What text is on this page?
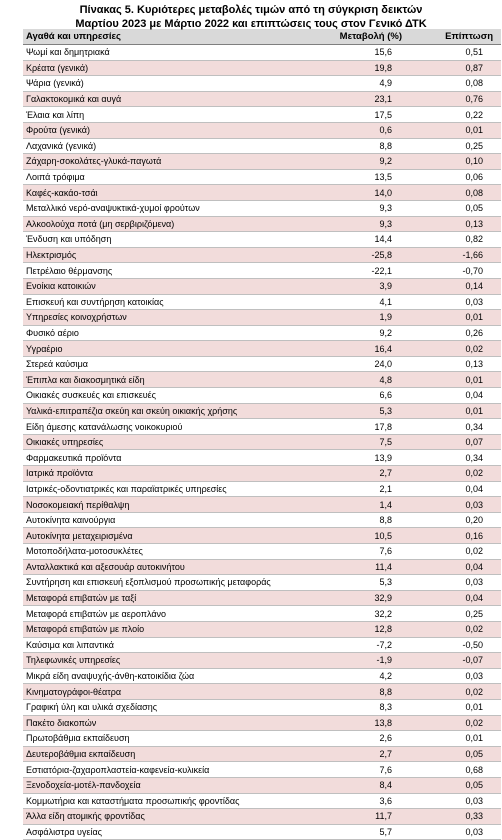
Πίνακας 5. Κυριότερες μεταβολές τιμών από τη σύγκριση δεικτών
Μαρτίου 2023 με Μάρτιο 2022 και επιπτώσεις τους στον Γενικό ΔΤΚ
Αγαθά και υπηρεσίες	Μεταβολή (%)	Επίπτωση
Ψωμί και δημητριακά	15,6	0,51
Κρέατα (γενικά)	19,8	0,87
Ψάρια (γενικά)	4,9	0,08
Γαλακτοκομικά και αυγά	23,1	0,76
Έλαια και λίπη	17,5	0,22
Φρούτα (γενικά)	0,6	0,01
Λαχανικά (γενικά)	8,8	0,25
Ζάχαρη-σοκολάτες-γλυκά-παγωτά	9,2	0,10
Λοιπά τρόφιμα	13,5	0,06
Καφές-κακάο-τσάι	14,0	0,08
Μεταλλικό νερό-αναψυκτικά-χυμοί φρούτων	9,3	0,05
Αλκοολούχα ποτά (μη σερβιριζόμενα)	9,3	0,13
Ένδυση και υπόδηση	14,4	0,82
Ηλεκτρισμός	-25,8	-1,66
Πετρέλαιο θέρμανσης	-22,1	-0,70
Ενοίκια κατοικιών	3,9	0,14
Επισκευή και συντήρηση κατοικίας	4,1	0,03
Υπηρεσίες κοινοχρήστων	1,9	0,01
Φυσικό αέριο	9,2	0,26
Υγραέριο	16,4	0,02
Στερεά καύσιμα	24,0	0,13
Έπιπλα και διακοσμητικά είδη	4,8	0,01
Οικιακές συσκευές και επισκευές	6,6	0,04
Υαλικά-επιτραπέζια σκεύη και σκεύη οικιακής χρήσης	5,3	0,01
Είδη άμεσης κατανάλωσης νοικοκυριού	17,8	0,34
Οικιακές υπηρεσίες	7,5	0,07
Φαρμακευτικά προϊόντα	13,9	0,34
Ιατρικά προϊόντα	2,7	0,02
Ιατρικές-οδοντιατρικές και παραϊατρικές υπηρεσίες	2,1	0,04
Νοσοκομειακή περίθαλψη	1,4	0,03
Αυτοκίνητα καινούργια	8,8	0,20
Αυτοκίνητα μεταχειρισμένα	10,5	0,16
Μοτοποδήλατα-μοτοσυκλέτες	7,6	0,02
Ανταλλακτικά και αξεσουάρ αυτοκινήτου	11,4	0,04
Συντήρηση και επισκευή εξοπλισμού προσωπικής μεταφοράς	5,3	0,03
Μεταφορά επιβατών με ταξί	32,9	0,04
Μεταφορά επιβατών με αεροπλάνο	32,2	0,25
Μεταφορά επιβατών με πλοίο	12,8	0,02
Καύσιμα και λιπαντικά	-7,2	-0,50
Τηλεφωνικές υπηρεσίες	-1,9	-0,07
Μικρά είδη αναψυχής-άνθη-κατοικίδια ζώα	4,2	0,03
Κινηματογράφοι-θέατρα	8,8	0,02
Γραφική ύλη και υλικά σχεδίασης	8,3	0,01
Πακέτο διακοπών	13,8	0,02
Πρωτοβάθμια εκπαίδευση	2,6	0,01
Δευτεροβάθμια εκπαίδευση	2,7	0,05
Εστιατόρια-ζαχαροπλαστεία-καφενεία-κυλικεία	7,6	0,68
Ξενοδοχεία-μοτέλ-πανδοχεία	8,4	0,05
Κομμωτήρια και καταστήματα προσωπικής φροντίδας	3,6	0,03
Άλλα είδη ατομικής φροντίδας	11,7	0,33
Ασφάλιστρα υγείας	5,7	0,03
